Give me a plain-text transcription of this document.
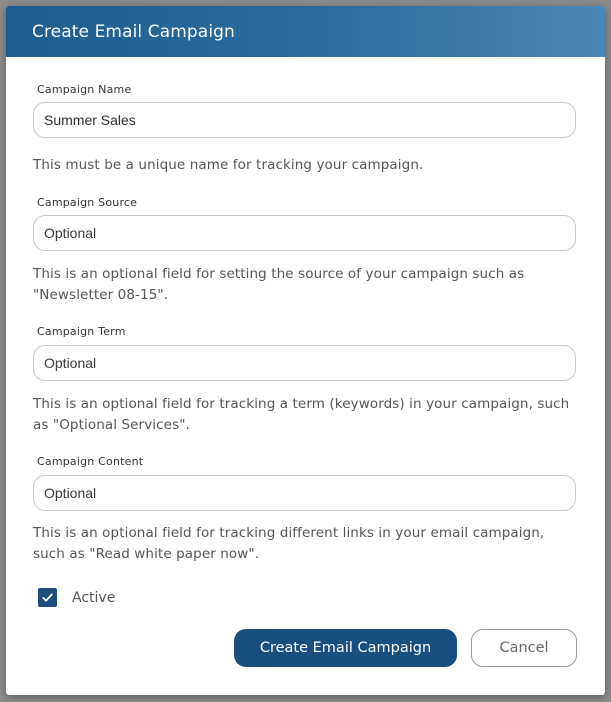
Create Email Campaign
Campaign Name
Summer Sales
This must be a unique name for tracking your campaign.
Campaign Source
Optional
This is an optional field for setting the source of your campaign such as "Newsletter 08-15".
Campaign Term
Optional
This is an optional field for tracking a term (keywords) in your campaign, such as "Optional Services".
Campaign Content
Optional
This is an optional field for tracking different links in your email campaign, such as "Read white paper now".
Active
Create Email Campaign	Cancel
